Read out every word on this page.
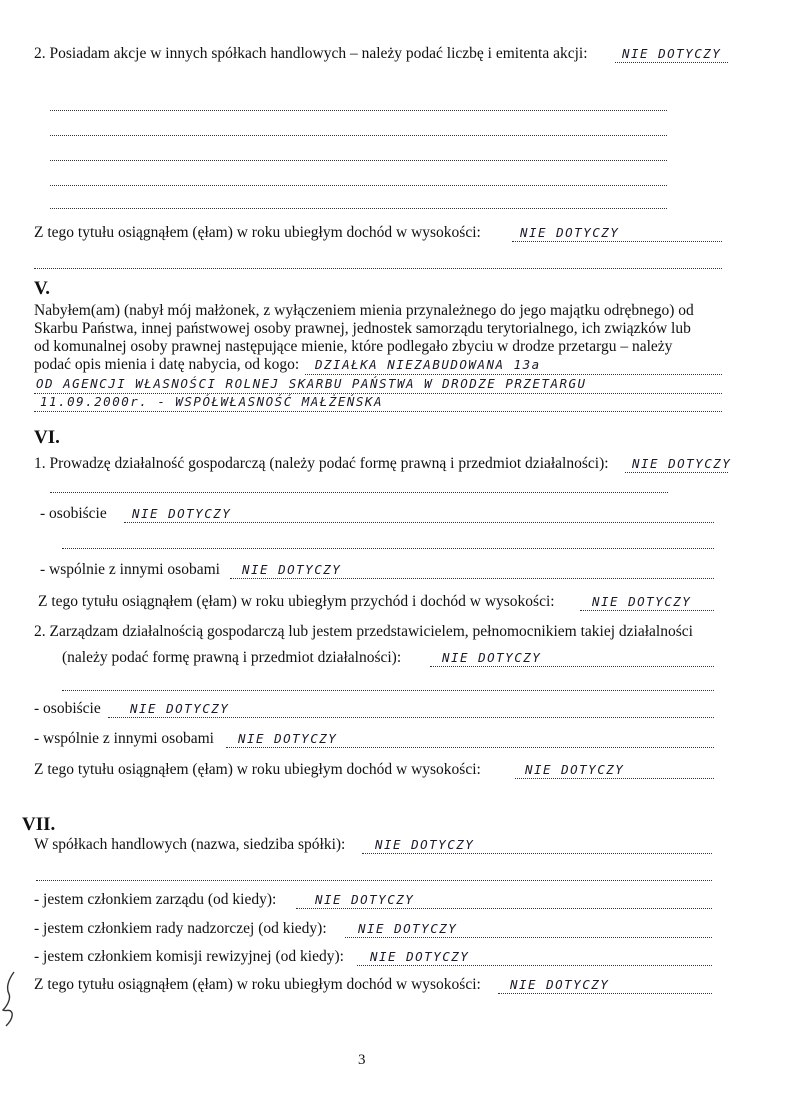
2. Posiadam akcje w innych spółkach handlowych – należy podać liczbę i emitenta akcji:	NIE DOTYCZY
Z tego tytułu osiągnąłem (ęłam) w roku ubiegłym dochód w wysokości:	NIE DOTYCZY
V.
Nabyłem(am) (nabył mój małżonek, z wyłączeniem mienia przynależnego do jego majątku odrębnego) od
Skarbu Państwa, innej państwowej osoby prawnej, jednostek samorządu terytorialnego, ich związków lub
od komunalnej osoby prawnej następujące mienie, które podlegało zbyciu w drodze przetargu – należy
podać opis mienia i datę nabycia, od kogo: DZIAŁKA NIEZABUDOWANA 13a
OD AGENCJI WŁASNOŚCI ROLNEJ SKARBU PAŃSTWA W DRODZE PRZETARGU
11.09.2000r. - WSPÓŁWŁASNOŚĆ MAŁŻEŃSKA
VI.
1. Prowadzę działalność gospodarczą (należy podać formę prawną i przedmiot działalności): NIE DOTYCZY
- osobiście NIE DOTYCZY
- wspólnie z innymi osobami NIE DOTYCZY
Z tego tytułu osiągnąłem (ęłam) w roku ubiegłym przychód i dochód w wysokości:	NIE DOTYCZY
2. Zarządzam działalnością gospodarczą lub jestem przedstawicielem, pełnomocnikiem takiej działalności
(należy podać formę prawną i przedmiot działalności):	NIE DOTYCZY
- osobiście NIE DOTYCZY
- wspólnie z innymi osobami NIE DOTYCZY
Z tego tytułu osiągnąłem (ęłam) w roku ubiegłym dochód w wysokości:	NIE DOTYCZY
VII.
W spółkach handlowych (nazwa, siedziba spółki): NIE DOTYCZY
- jestem członkiem zarządu (od kiedy):	NIE DOTYCZY
- jestem członkiem rady nadzorczej (od kiedy):	NIE DOTYCZY
- jestem członkiem komisji rewizyjnej (od kiedy): NIE DOTYCZY
Z tego tytułu osiągnąłem (ęłam) w roku ubiegłym dochód w wysokości: NIE DOTYCZY
3
